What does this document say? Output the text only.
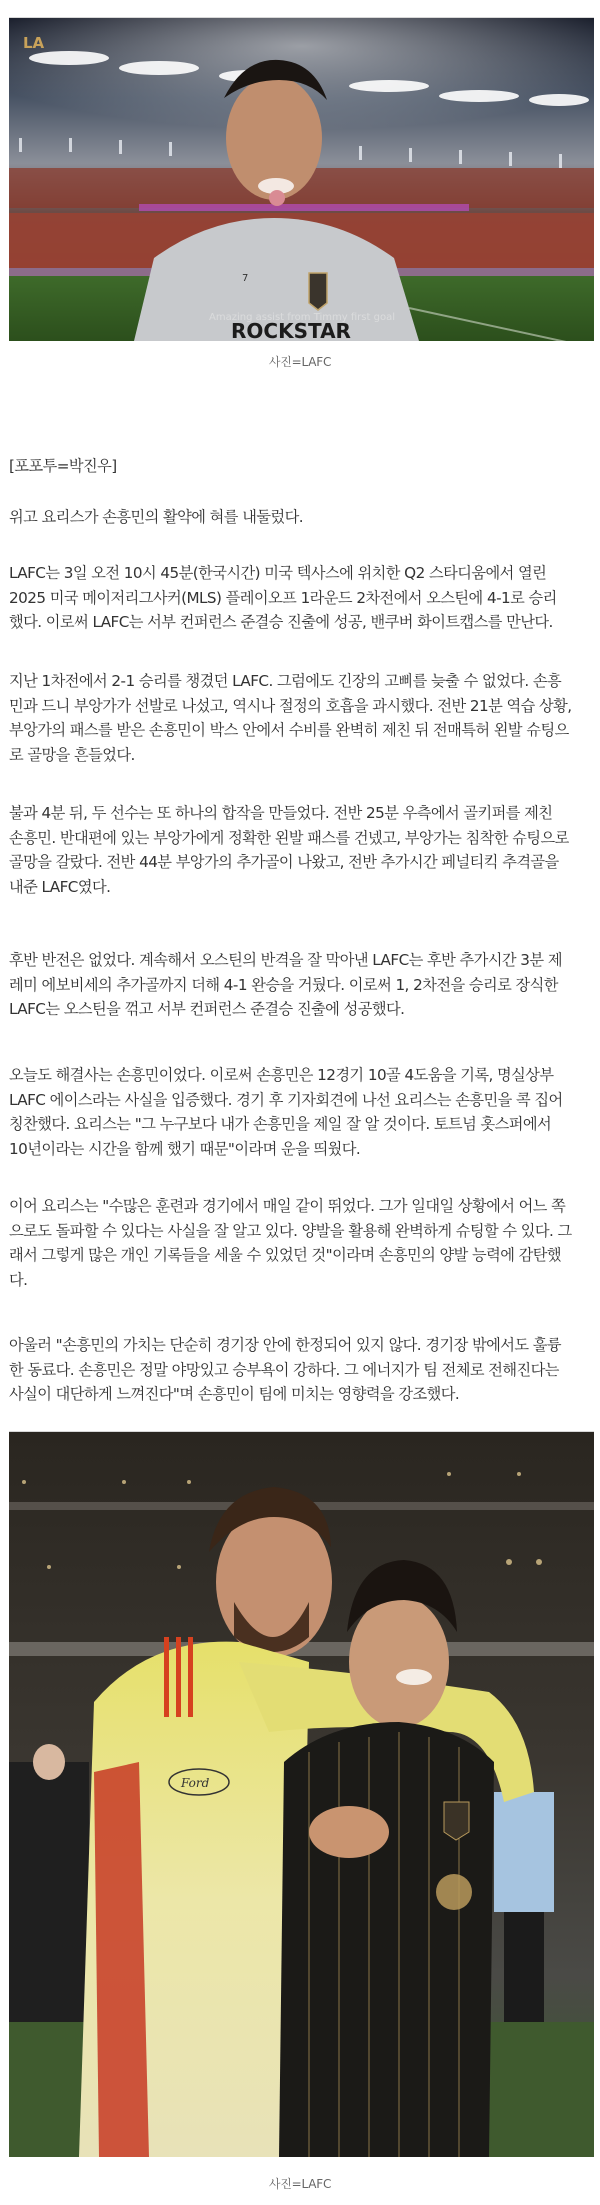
7
ROCKSTAR
Amazing assist from Timmy first goal
LA
사진=LAFC

[포포투=박진우]

위고 요리스가 손흥민의 활약에 혀를 내둘렀다.

LAFC는 3일 오전 10시 45분(한국시간) 미국 텍사스에 위치한 Q2 스타디움에서 열린
2025 미국 메이저리그사커(MLS) 플레이오프 1라운드 2차전에서 오스틴에 4-1로 승리
했다. 이로써 LAFC는 서부 컨퍼런스 준결승 진출에 성공, 밴쿠버 화이트캡스를 만난다.

지난 1차전에서 2-1 승리를 챙겼던 LAFC. 그럼에도 긴장의 고삐를 늦출 수 없었다. 손흥
민과 드니 부앙가가 선발로 나섰고, 역시나 절정의 호흡을 과시했다. 전반 21분 역습 상황,
부앙가의 패스를 받은 손흥민이 박스 안에서 수비를 완벽히 제친 뒤 전매특허 왼발 슈팅으
로 골망을 흔들었다.

불과 4분 뒤, 두 선수는 또 하나의 합작을 만들었다. 전반 25분 우측에서 골키퍼를 제친
손흥민. 반대편에 있는 부앙가에게 정확한 왼발 패스를 건넸고, 부앙가는 침착한 슈팅으로
골망을 갈랐다. 전반 44분 부앙가의 추가골이 나왔고, 전반 추가시간 페널티킥 추격골을
내준 LAFC였다.

후반 반전은 없었다. 계속해서 오스틴의 반격을 잘 막아낸 LAFC는 후반 추가시간 3분 제
레미 에보비세의 추가골까지 더해 4-1 완승을 거뒀다. 이로써 1, 2차전을 승리로 장식한
LAFC는 오스틴을 꺾고 서부 컨퍼런스 준결승 진출에 성공했다.

오늘도 해결사는 손흥민이었다. 이로써 손흥민은 12경기 10골 4도움을 기록, 명실상부
LAFC 에이스라는 사실을 입증했다. 경기 후 기자회견에 나선 요리스는 손흥민을 콕 집어
칭찬했다. 요리스는 "그 누구보다 내가 손흥민을 제일 잘 알 것이다. 토트넘 홋스퍼에서
10년이라는 시간을 함께 했기 때문"이라며 운을 띄웠다.

이어 요리스는 "수많은 훈련과 경기에서 매일 같이 뛰었다. 그가 일대일 상황에서 어느 쪽
으로도 돌파할 수 있다는 사실을 잘 알고 있다. 양발을 활용해 완벽하게 슈팅할 수 있다. 그
래서 그렇게 많은 개인 기록들을 세울 수 있었던 것"이라며 손흥민의 양발 능력에 감탄했
다.

아울러 "손흥민의 가치는 단순히 경기장 안에 한정되어 있지 않다. 경기장 밖에서도 훌륭
한 동료다. 손흥민은 정말 야망있고 승부욕이 강하다. 그 에너지가 팀 전체로 전해진다는
사실이 대단하게 느껴진다"며 손흥민이 팀에 미치는 영향력을 강조했다.

Ford
사진=LAFC
